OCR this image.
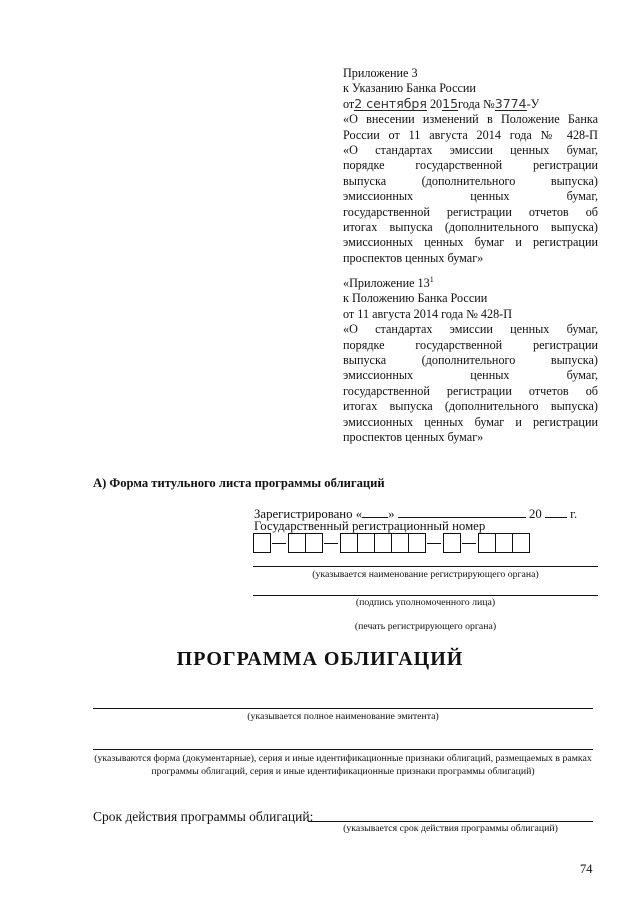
Приложение 3
к Указанию Банка России
от2 сентября 2015года №3774-У
«О внесении изменений в Положение Банка
России от 11 августа 2014 года № 428-П
«О стандартах эмиссии ценных бумаг,
порядке государственной регистрации
выпуска (дополнительного выпуска)
эмиссионных ценных бумаг,
государственной регистрации отчетов об
итогах выпуска (дополнительного выпуска)
эмиссионных ценных бумаг и регистрации
проспектов ценных бумаг»
«Приложение $13^1$
к Положению Банка России
от 11 августа 2014 года № 428-П
«О стандартах эмиссии ценных бумаг,
порядке государственной регистрации
выпуска (дополнительного выпуска)
эмиссионных ценных бумаг,
государственной регистрации отчетов об
итогах выпуска (дополнительного выпуска)
эмиссионных ценных бумаг и регистрации
проспектов ценных бумаг»
А) Форма титульного листа программы облигаций
Зарегистрировано « »	20 г.
Государственный регистрационный номер
(указывается наименование регистрирующего органа)
(подпись уполномоченного лица)
(печать регистрирующего органа)
ПРОГРАММА ОБЛИГАЦИЙ
(указывается полное наименование эмитента)
(указываются форма (документарные), серия и иные идентификационные признаки облигаций, размещаемых в рамках программы облигаций, серия и иные идентификационные признаки программы облигаций)
Срок действия программы облигаций:
(указывается срок действия программы облигаций)
74
